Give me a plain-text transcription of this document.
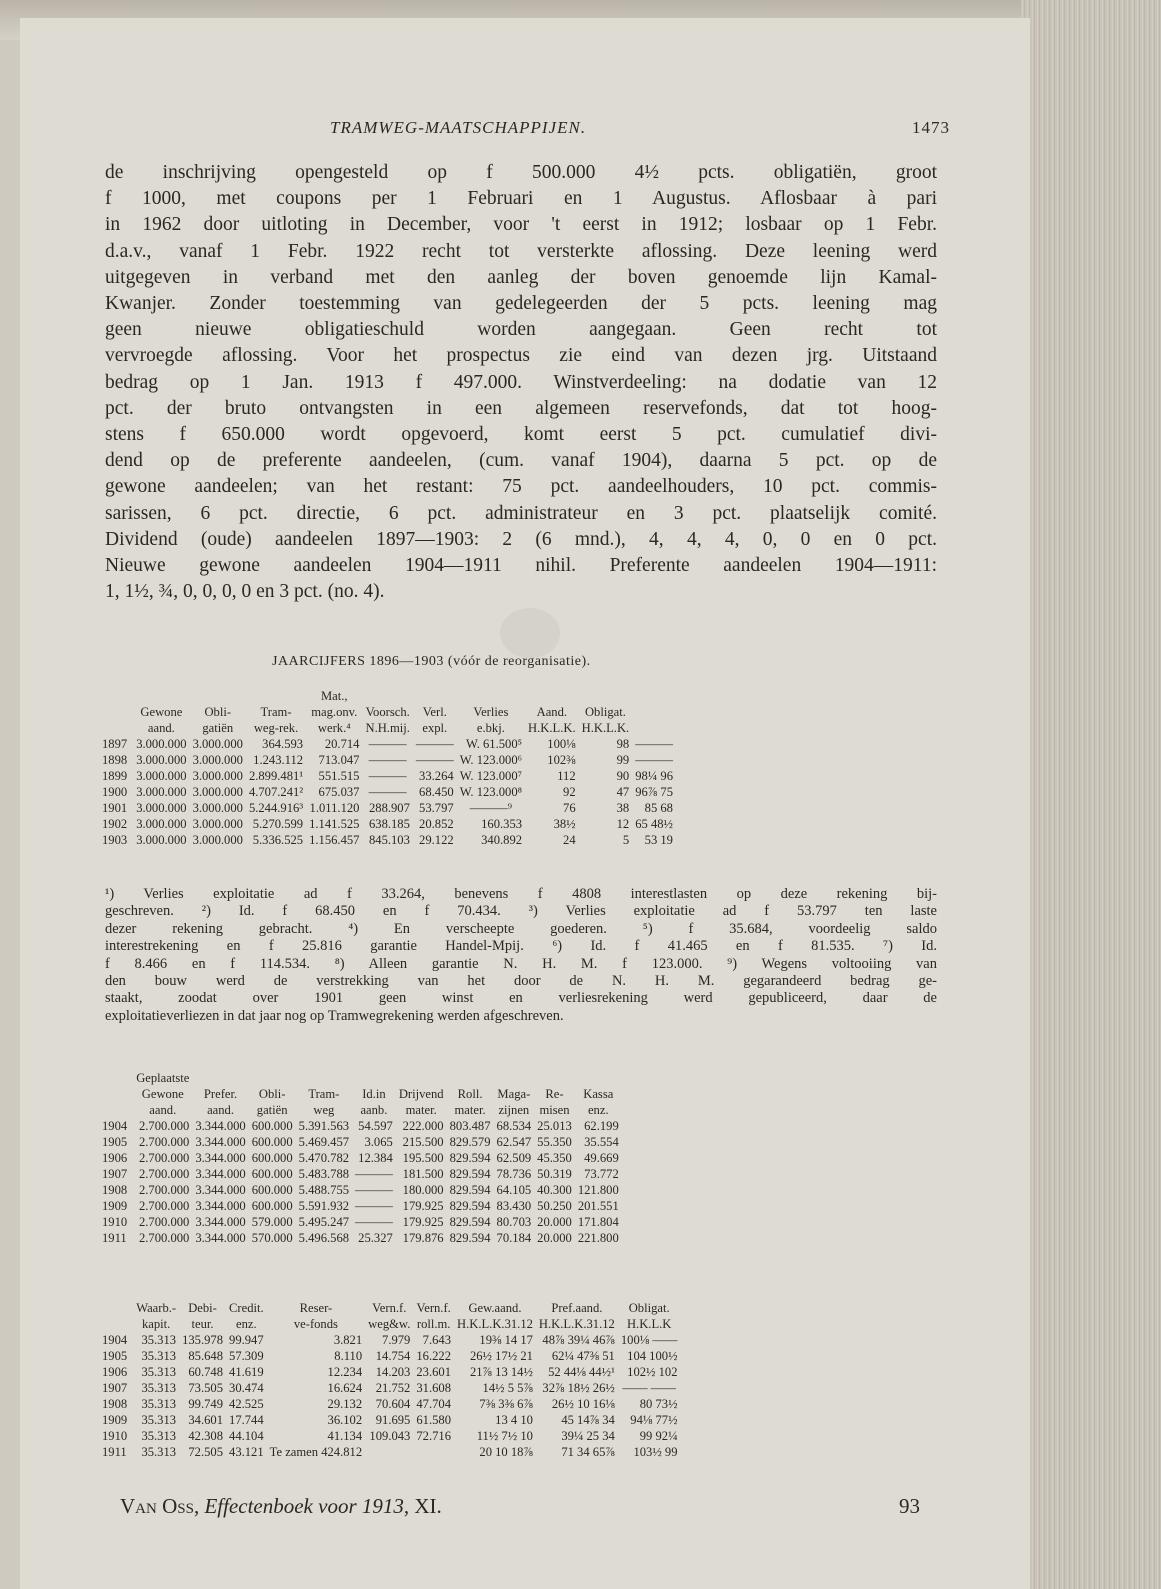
TRAMWEG-MAATSCHAPPIJEN.	1473
de inschrijving opengesteld op f 500.000 4½ pcts. obligatiën, groot
f 1000, met coupons per 1 Februari en 1 Augustus. Aflosbaar à pari
in 1962 door uitloting in December, voor 't eerst in 1912; losbaar op 1 Febr.
d.a.v., vanaf 1 Febr. 1922 recht tot versterkte aflossing. Deze leening werd
uitgegeven in verband met den aanleg der boven genoemde lijn Kamal-
Kwanjer. Zonder toestemming van gedelegeerden der 5 pcts. leening mag
geen nieuwe obligatieschuld worden aangegaan. Geen recht tot
vervroegde aflossing. Voor het prospectus zie eind van dezen jrg. Uitstaand
bedrag op 1 Jan. 1913 f 497.000. Winstverdeeling: na dodatie van 12
pct. der bruto ontvangsten in een algemeen reservefonds, dat tot hoog-
stens f 650.000 wordt opgevoerd, komt eerst 5 pct. cumulatief divi-
dend op de preferente aandeelen, (cum. vanaf 1904), daarna 5 pct. op de
gewone aandeelen; van het restant: 75 pct. aandeelhouders, 10 pct. commis-
sarissen, 6 pct. directie, 6 pct. administrateur en 3 pct. plaatselijk comité.
Dividend (oude) aandeelen 1897—1903: 2 (6 mnd.), 4, 4, 4, 0, 0 en 0 pct.
Nieuwe gewone aandeelen 1904—1911 nihil. Preferente aandeelen 1904—1911:
1, 1½, ¾, 0, 0, 0, 0 en 3 pct. (no. 4).
JAARCIJFERS 1896—1903 (vóór de reorganisatie).
				Mat.,						
	Gewone	Obli-	Tram-	mag.onv.	Voorsch.	Verl.	Verlies	Aand.	Obligat.	
	aand.	gatiën	weg-rek.	werk.⁴	N.H.mij.	expl.	e.bkj.	H.K.L.K.	H.K.L.K.	
1897	3.000.000	3.000.000	364.593	20.714	———	———	W. 61.500⁵	100⅛	98	———
1898	3.000.000	3.000.000	1.243.112	713.047	———	———	W. 123.000⁶	102⅜	99	———
1899	3.000.000	3.000.000	2.899.481¹	551.515	———	33.264	W. 123.000⁷	112	90	98¼ 96
1900	3.000.000	3.000.000	4.707.241²	675.037	———	68.450	W. 123.000⁸	92	47	96⅞ 75
1901	3.000.000	3.000.000	5.244.916³	1.011.120	288.907	53.797	———⁹	76	38	85 68
1902	3.000.000	3.000.000	5.270.599	1.141.525	638.185	20.852	160.353	38½	12	65 48½
1903	3.000.000	3.000.000	5.336.525	1.156.457	845.103	29.122	340.892	24	5	53 19
¹) Verlies exploitatie ad f 33.264, benevens f 4808 interestlasten op deze rekening bij-
geschreven. ²) Id. f 68.450 en f 70.434. ³) Verlies exploitatie ad f 53.797 ten laste
dezer rekening gebracht. ⁴) En verscheepte goederen. ⁵) f 35.684, voordeelig saldo
interestrekening en f 25.816 garantie Handel-Mpij. ⁶) Id. f 41.465 en f 81.535. ⁷) Id.
f 8.466 en f 114.534. ⁸) Alleen garantie N. H. M. f 123.000. ⁹) Wegens voltooiing van
den bouw werd de verstrekking van het door de N. H. M. gegarandeerd bedrag ge-
staakt, zoodat over 1901 geen winst en verliesrekening werd gepubliceerd, daar de
exploitatieverliezen in dat jaar nog op Tramwegrekening werden afgeschreven.
	Geplaatste									
	Gewone	Prefer.	Obli-	Tram-	Id.in	Drijvend	Roll.	Maga-	Re-	Kassa
	aand.	aand.	gatiën	weg	aanb.	mater.	mater.	zijnen	misen	enz.
1904	2.700.000	3.344.000	600.000	5.391.563	54.597	222.000	803.487	68.534	25.013	62.199
1905	2.700.000	3.344.000	600.000	5.469.457	3.065	215.500	829.579	62.547	55.350	35.554
1906	2.700.000	3.344.000	600.000	5.470.782	12.384	195.500	829.594	62.509	45.350	49.669
1907	2.700.000	3.344.000	600.000	5.483.788	———	181.500	829.594	78.736	50.319	73.772
1908	2.700.000	3.344.000	600.000	5.488.755	———	180.000	829.594	64.105	40.300	121.800
1909	2.700.000	3.344.000	600.000	5.591.932	———	179.925	829.594	83.430	50.250	201.551
1910	2.700.000	3.344.000	579.000	5.495.247	———	179.925	829.594	80.703	20.000	171.804
1911	2.700.000	3.344.000	570.000	5.496.568	25.327	179.876	829.594	70.184	20.000	221.800
	Waarb.-	Debi-	Credit.	Reser-	Vern.f.	Vern.f.	Gew.aand.	Pref.aand.	Obligat.
	kapit.	teur.	enz.	ve-fonds	weg&w.	roll.m.	H.K.L.K.31.12	H.K.L.K.31.12	H.K.L.K
1904	35.313	135.978	99.947	3.821	7.979	7.643	19⅜ 14 17	48⅞ 39¼ 46⅞	100⅛ ——
1905	35.313	85.648	57.309	8.110	14.754	16.222	26½ 17½ 21	62¼ 47⅜ 51	104 100½
1906	35.313	60.748	41.619	12.234	14.203	23.601	21⅞ 13 14½	52 44⅛ 44½¹	102½ 102
1907	35.313	73.505	30.474	16.624	21.752	31.608	14½ 5 5⅞	32⅞ 18½ 26½	—— ——
1908	35.313	99.749	42.525	29.132	70.604	47.704	7⅜ 3⅜ 6⅞	26½ 10 16⅛	80 73½
1909	35.313	34.601	17.744	36.102	91.695	61.580	13 4 10	45 14⅞ 34	94⅛ 77½
1910	35.313	42.308	44.104	41.134	109.043	72.716	11½ 7½ 10	39¼ 25 34	99 92¼
1911	35.313	72.505	43.121	Te zamen 424.812			20 10 18⅞	71 34 65⅞	103½ 99
Van Oss, Effectenboek voor 1913, XI.	93
